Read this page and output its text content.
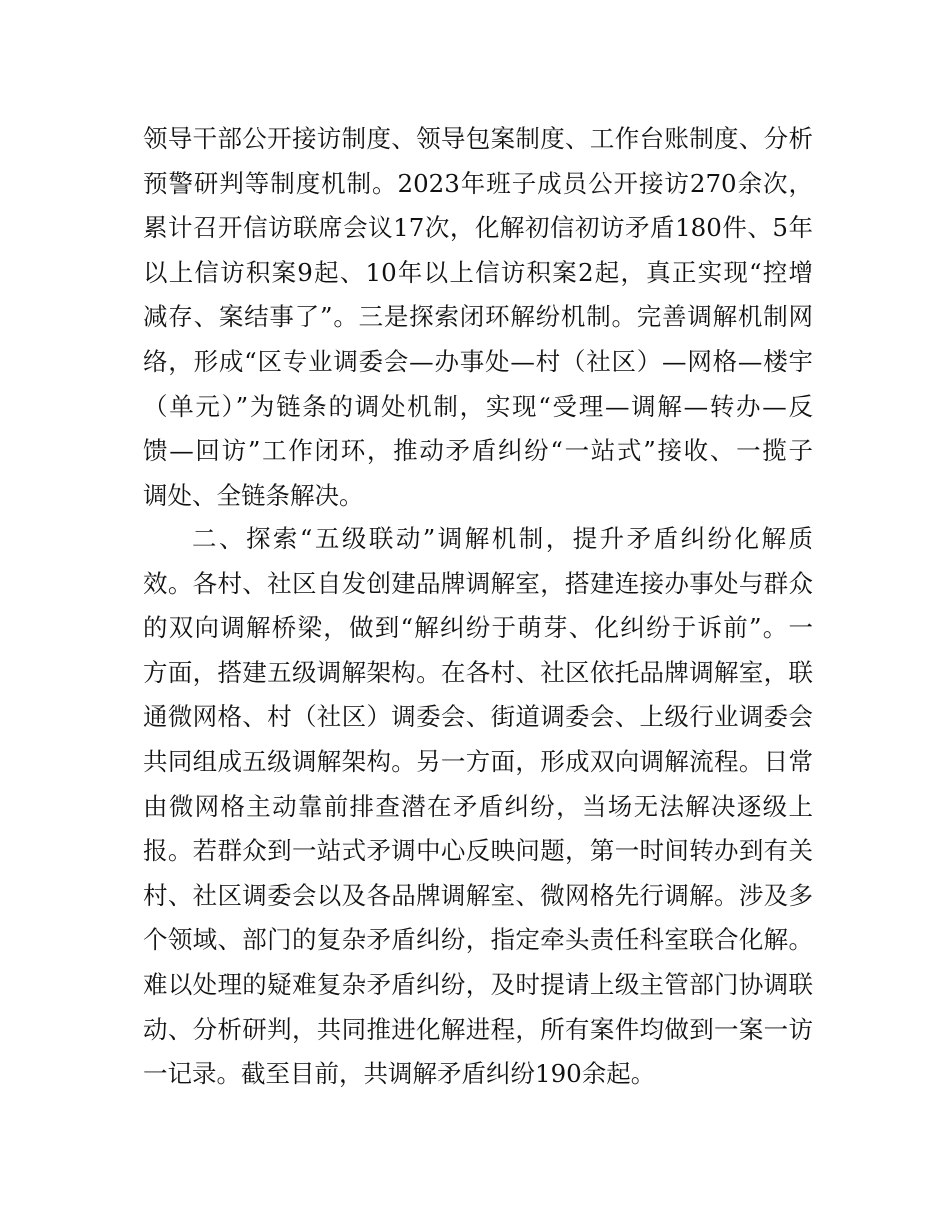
领导干部公开接访制度、领导包案制度、工作台账制度、分析
预警研判等制度机制。2023年班子成员公开接访270余次，
累计召开信访联席会议17次，化解初信初访矛盾180件、5年
以上信访积案9起、10年以上信访积案2起，真正实现“控增
减存、案结事了”。三是探索闭环解纷机制。完善调解机制网
络，形成“区专业调委会—办事处—村（社区）—网格—楼宇
（单元）”为链条的调处机制，实现“受理—调解—转办—反
馈—回访”工作闭环，推动矛盾纠纷“一站式”接收、一揽子
调处、全链条解决。
二、探索“五级联动”调解机制，提升矛盾纠纷化解质
效。各村、社区自发创建品牌调解室，搭建连接办事处与群众
的双向调解桥梁，做到“解纠纷于萌芽、化纠纷于诉前”。一
方面，搭建五级调解架构。在各村、社区依托品牌调解室，联
通微网格、村（社区）调委会、街道调委会、上级行业调委会
共同组成五级调解架构。另一方面，形成双向调解流程。日常
由微网格主动靠前排查潜在矛盾纠纷，当场无法解决逐级上
报。若群众到一站式矛调中心反映问题，第一时间转办到有关
村、社区调委会以及各品牌调解室、微网格先行调解。涉及多
个领域、部门的复杂矛盾纠纷，指定牵头责任科室联合化解。
难以处理的疑难复杂矛盾纠纷，及时提请上级主管部门协调联
动、分析研判，共同推进化解进程，所有案件均做到一案一访
一记录。截至目前，共调解矛盾纠纷190余起。
